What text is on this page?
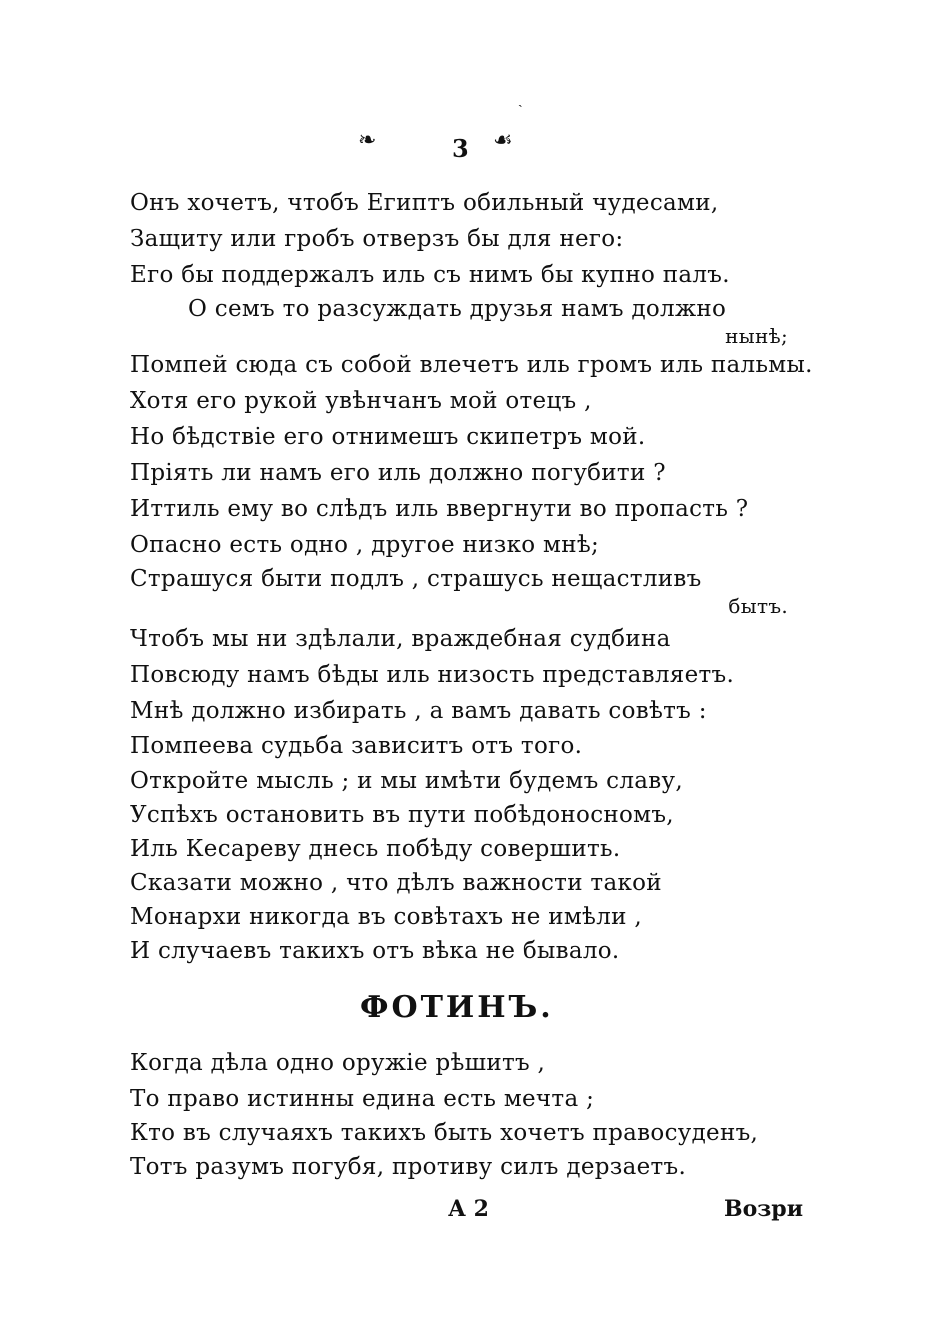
ˏ
❧	3 ☙
Онъ хочетъ, чтобъ Египтъ обильный чудесами,
Защиту или гробъ отверзъ бы для него:
Его бы поддержалъ иль съ нимъ бы купно палъ.
О семъ то разсуждать друзья намъ должно
нынѣ;
Помпей сюда съ собой влечетъ иль громъ иль пальмы.
Хотя его рукой увѣнчанъ мой отецъ ,
Но бѣдствіе его отнимешъ скипетръ мой.
Пріять ли намъ его иль должно погубити ?
Иттиль ему во слѣдъ иль ввергнути во пропасть ?
Опасно есть одно , другое низко мнѣ;
Страшуся быти подлъ , страшусь нещастливъ
бытъ.
Чтобъ мы ни здѣлали, враждебная судбина
Повсюду намъ бѣды иль низость представляетъ.
Мнѣ должно избирать , а вамъ давать совѣтъ :
Помпеева судьба зависитъ отъ того.
Откройте мысль ; и мы имѣти будемъ славу,
Успѣхъ остановить въ пути побѣдоносномъ,
Иль Кесареву днесь побѣду совершить.
Сказати можно , что дѣлъ важности такой
Монархи никогда въ совѣтахъ не имѣли ,
И случаевъ такихъ отъ вѣка не бывало.
ФОТИНЪ.
Когда дѣла одно оружіе рѣшитъ ,
То право истинны едина есть мечта ;
Кто въ случаяхъ такихъ быть хочетъ правосуденъ,
Тотъ разумъ погубя, противу силъ дерзаетъ.
А 2	Возри
